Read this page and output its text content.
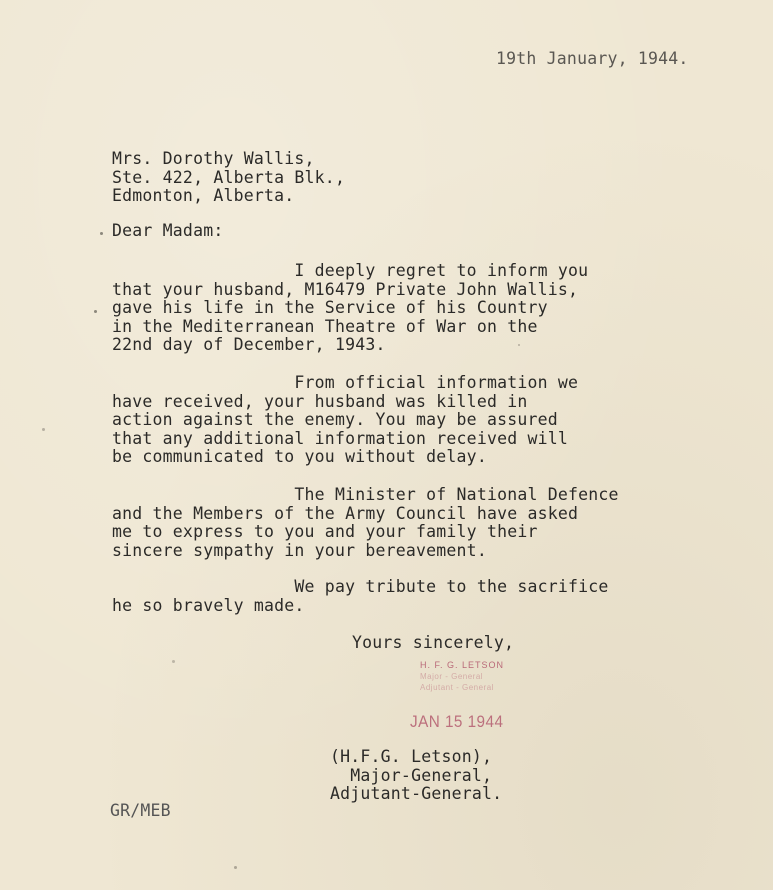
19th January, 1944.
Mrs. Dorothy Wallis,
Ste. 422, Alberta Blk.,
Edmonton, Alberta.
Dear Madam:
I deeply regret to inform you
that your husband, M16479 Private John Wallis,
gave his life in the Service of his Country
in the Mediterranean Theatre of War on the
22nd day of December, 1943.
From official information we
have received, your husband was killed in
action against the enemy. You may be assured
that any additional information received will
be communicated to you without delay.
The Minister of National Defence
and the Members of the Army Council have asked
me to express to you and your family their
sincere sympathy in your bereavement.
We pay tribute to the sacrifice
he so bravely made.
Yours sincerely,
H. F. G. LETSON
Major - General
Adjutant - General
JAN 15 1944
(H.F.G. Letson),
Major-General,
Adjutant-General.
GR/MEB
